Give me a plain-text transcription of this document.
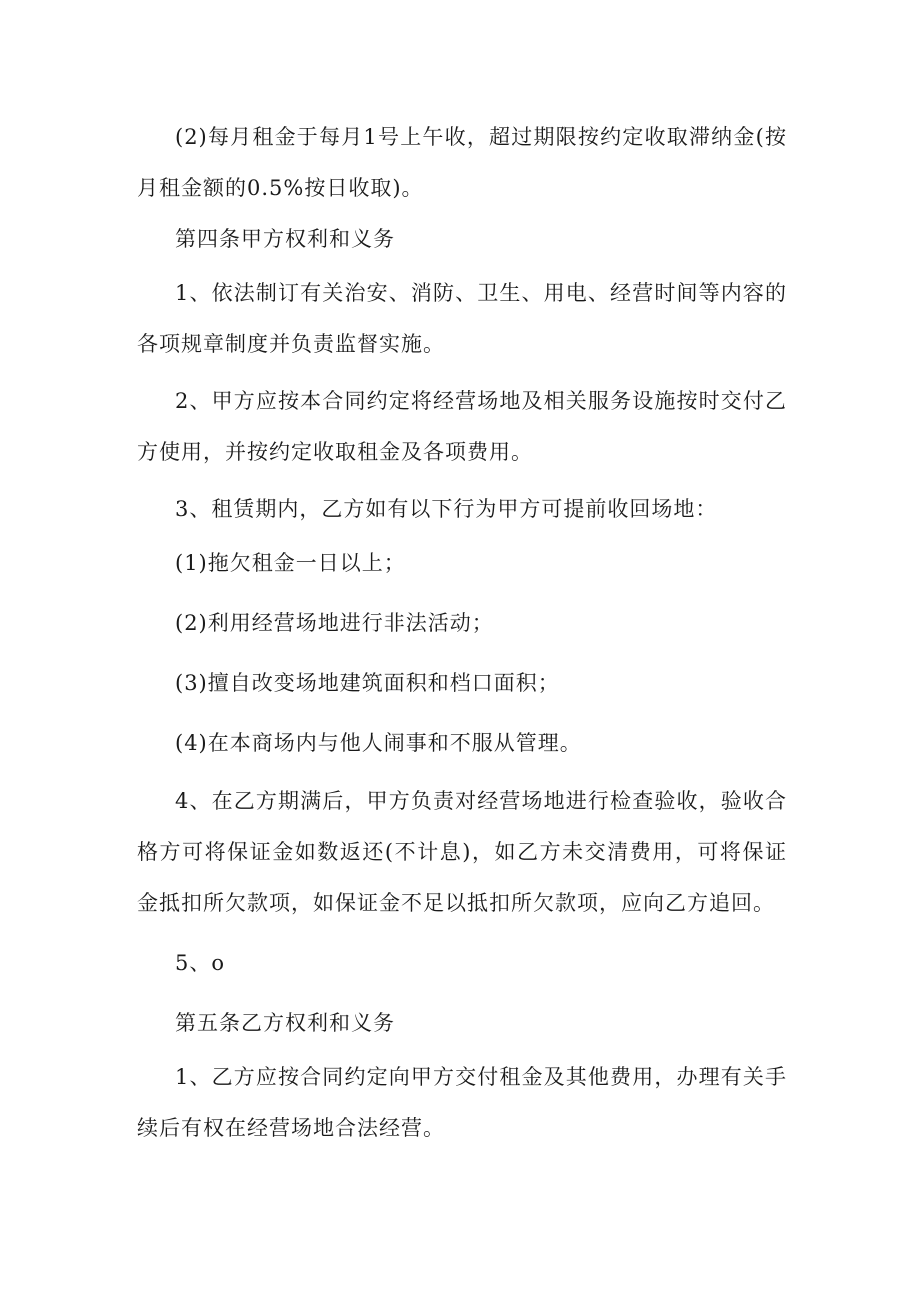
(2)每月租金于每月1号上午收，超过期限按约定收取滞纳金(按月租金额的0.5%按日收取)。

第四条甲方权利和义务

1、依法制订有关治安、消防、卫生、用电、经营时间等内容的各项规章制度并负责监督实施。

2、甲方应按本合同约定将经营场地及相关服务设施按时交付乙方使用，并按约定收取租金及各项费用。

3、租赁期内，乙方如有以下行为甲方可提前收回场地：

(1)拖欠租金一日以上；

(2)利用经营场地进行非法活动；

(3)擅自改变场地建筑面积和档口面积；

(4)在本商场内与他人闹事和不服从管理。

4、在乙方期满后，甲方负责对经营场地进行检查验收，验收合格方可将保证金如数返还(不计息)，如乙方未交清费用，可将保证金抵扣所欠款项，如保证金不足以抵扣所欠款项，应向乙方追回。

5、o

第五条乙方权利和义务

1、乙方应按合同约定向甲方交付租金及其他费用，办理有关手续后有权在经营场地合法经营。
